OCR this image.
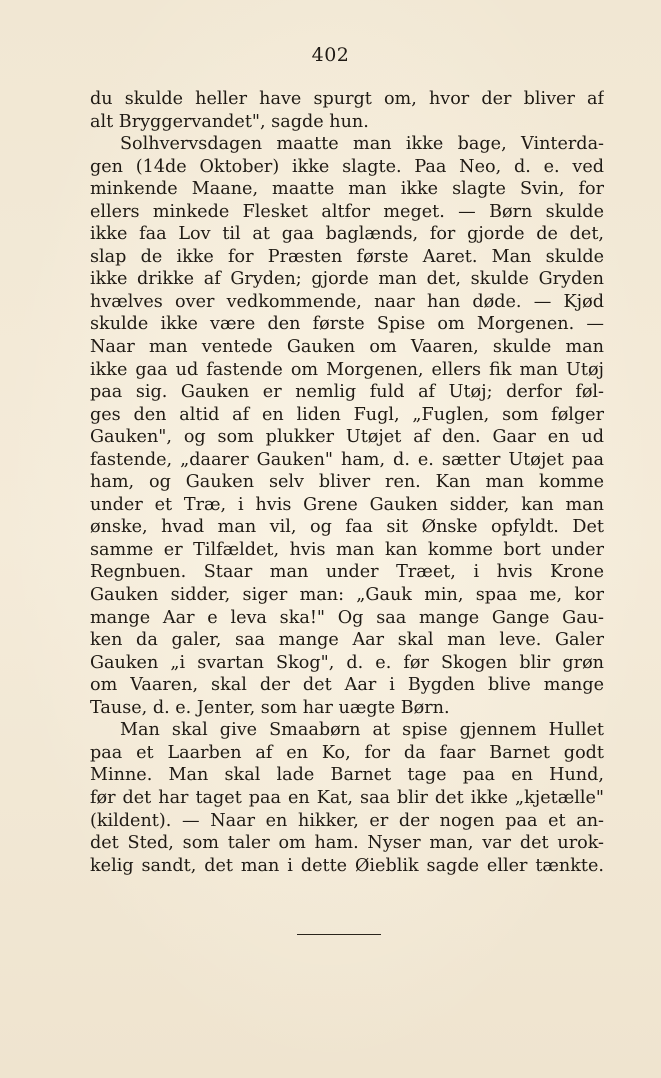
402
du skulde heller have spurgt om, hvor der bliver af
alt Bryggervandet", sagde hun.
Solhvervsdagen maatte man ikke bage, Vinterda-
gen (14de Oktober) ikke slagte. Paa Neo, d. e. ved
minkende Maane, maatte man ikke slagte Svin, for
ellers minkede Flesket altfor meget. — Børn skulde
ikke faa Lov til at gaa baglænds, for gjorde de det,
slap de ikke for Præsten første Aaret. Man skulde
ikke drikke af Gryden; gjorde man det, skulde Gryden
hvælves over vedkommende, naar han døde. — Kjød
skulde ikke være den første Spise om Morgenen. —
Naar man ventede Gauken om Vaaren, skulde man
ikke gaa ud fastende om Morgenen, ellers fik man Utøj
paa sig. Gauken er nemlig fuld af Utøj; derfor føl-
ges den altid af en liden Fugl, „Fuglen, som følger
Gauken", og som plukker Utøjet af den. Gaar en ud
fastende, „daarer Gauken" ham, d. e. sætter Utøjet paa
ham, og Gauken selv bliver ren. Kan man komme
under et Træ, i hvis Grene Gauken sidder, kan man
ønske, hvad man vil, og faa sit Ønske opfyldt. Det
samme er Tilfældet, hvis man kan komme bort under
Regnbuen. Staar man under Træet, i hvis Krone
Gauken sidder, siger man: „Gauk min, spaa me, kor
mange Aar e leva ska!" Og saa mange Gange Gau-
ken da galer, saa mange Aar skal man leve. Galer
Gauken „i svartan Skog", d. e. før Skogen blir grøn
om Vaaren, skal der det Aar i Bygden blive mange
Tause, d. e. Jenter, som har uægte Børn.
Man skal give Smaabørn at spise gjennem Hullet
paa et Laarben af en Ko, for da faar Barnet godt
Minne. Man skal lade Barnet tage paa en Hund,
før det har taget paa en Kat, saa blir det ikke „kjetælle"
(kildent). — Naar en hikker, er der nogen paa et an-
det Sted, som taler om ham. Nyser man, var det urok-
kelig sandt, det man i dette Øieblik sagde eller tænkte.
